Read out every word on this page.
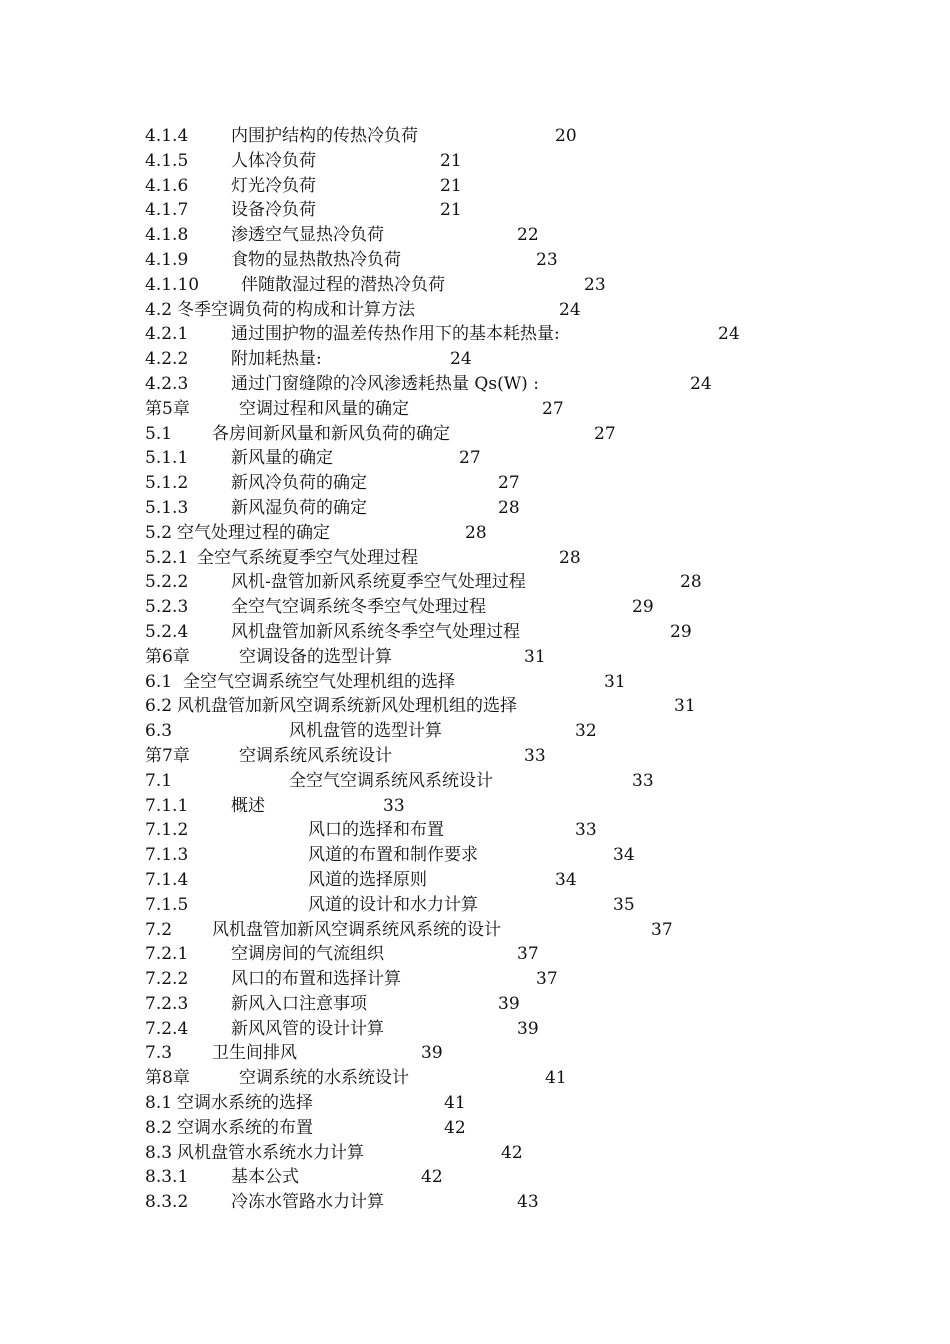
4.1.4	内围护结构的传热冷负荷	20
4.1.5	人体冷负荷	21
4.1.6	灯光冷负荷	21
4.1.7	设备冷负荷	21
4.1.8	渗透空气显热冷负荷	22
4.1.9	食物的显热散热冷负荷	23
4.1.10 伴随散湿过程的潜热冷负荷	23
4.2 冬季空调负荷的构成和计算方法	24
4.2.1	通过围护物的温差传热作用下的基本耗热量:	24
4.2.2	附加耗热量:	24
4.2.3	通过门窗缝隙的冷风渗透耗热量 Qs(W) :	24
第5章	空调过程和风量的确定	27
5.1 各房间新风量和新风负荷的确定	27
5.1.1	新风量的确定	27
5.1.2	新风冷负荷的确定	27
5.1.3	新风湿负荷的确定	28
5.2 空气处理过程的确定	28
5.2.1 全空气系统夏季空气处理过程	28
5.2.2	风机-盘管加新风系统夏季空气处理过程	28
5.2.3	全空气空调系统冬季空气处理过程	29
5.2.4	风机盘管加新风系统冬季空气处理过程	29
第6章	空调设备的选型计算	31
6.1 全空气空调系统空气处理机组的选择	31
6.2 风机盘管加新风空调系统新风处理机组的选择	31
6.3	风机盘管的选型计算	32
第7章	空调系统风系统设计	33
7.1	全空气空调系统风系统设计	33
7.1.1	概述	33
7.1.2	风口的选择和布置	33
7.1.3	风道的布置和制作要求	34
7.1.4	风道的选择原则	34
7.1.5	风道的设计和水力计算	35
7.2 风机盘管加新风空调系统风系统的设计	37
7.2.1	空调房间的气流组织	37
7.2.2	风口的布置和选择计算	37
7.2.3	新风入口注意事项	39
7.2.4	新风风管的设计计算	39
7.3 卫生间排风	39
第8章	空调系统的水系统设计	41
8.1 空调水系统的选择	41
8.2 空调水系统的布置	42
8.3 风机盘管水系统水力计算	42
8.3.1	基本公式	42
8.3.2	冷冻水管路水力计算	43
